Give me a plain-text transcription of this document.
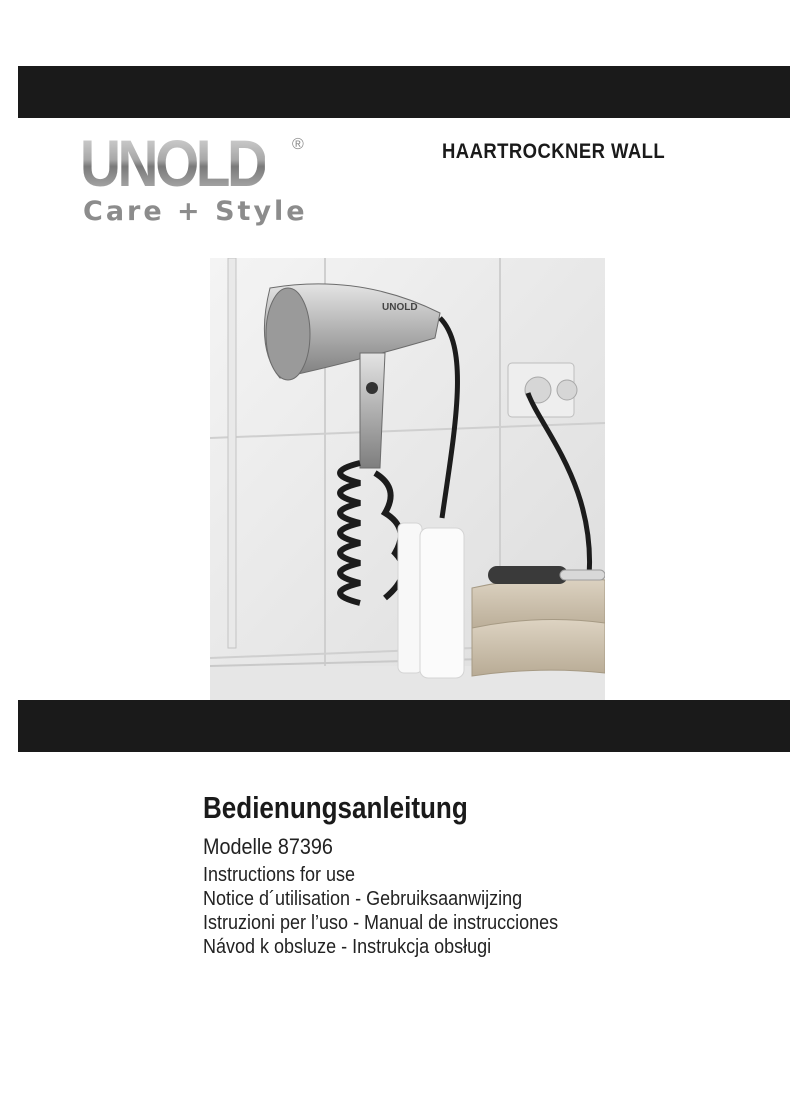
UNOLD ®
Care + Style
HAARTROCKNER WALL
UNOLD
Bedienungsanleitung
Modelle 87396
Instructions for use
Notice d´utilisation - Gebruiksaanwijzing
Istruzioni per l’uso - Manual de instrucciones
Návod k obsluze - Instrukcja obsługi
